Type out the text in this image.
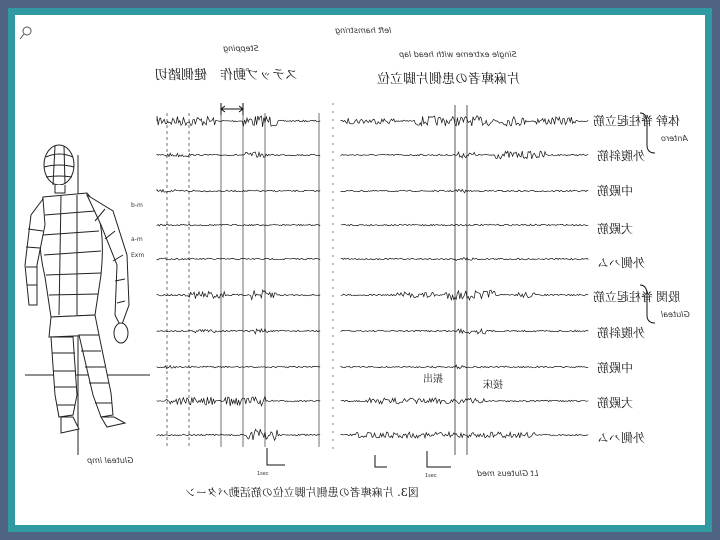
b-m
a-m
Exm
1sec	1sec
left hamstring
Stepping
Single extreme with head lap
ステップ動作　健側踏切	片麻痺者の患側片脚立位
振出
接床
Gluteal imp
Lt Gluteus med
図3. 片麻痺者の患側片脚立位の筋活動パターン
脊柱起立筋
外腹斜筋
中殿筋
大殿筋
外側ハム
脊柱起立筋
外腹斜筋
中殿筋
大殿筋
外側ハム
体幹
Antero
股関
Gluteal
